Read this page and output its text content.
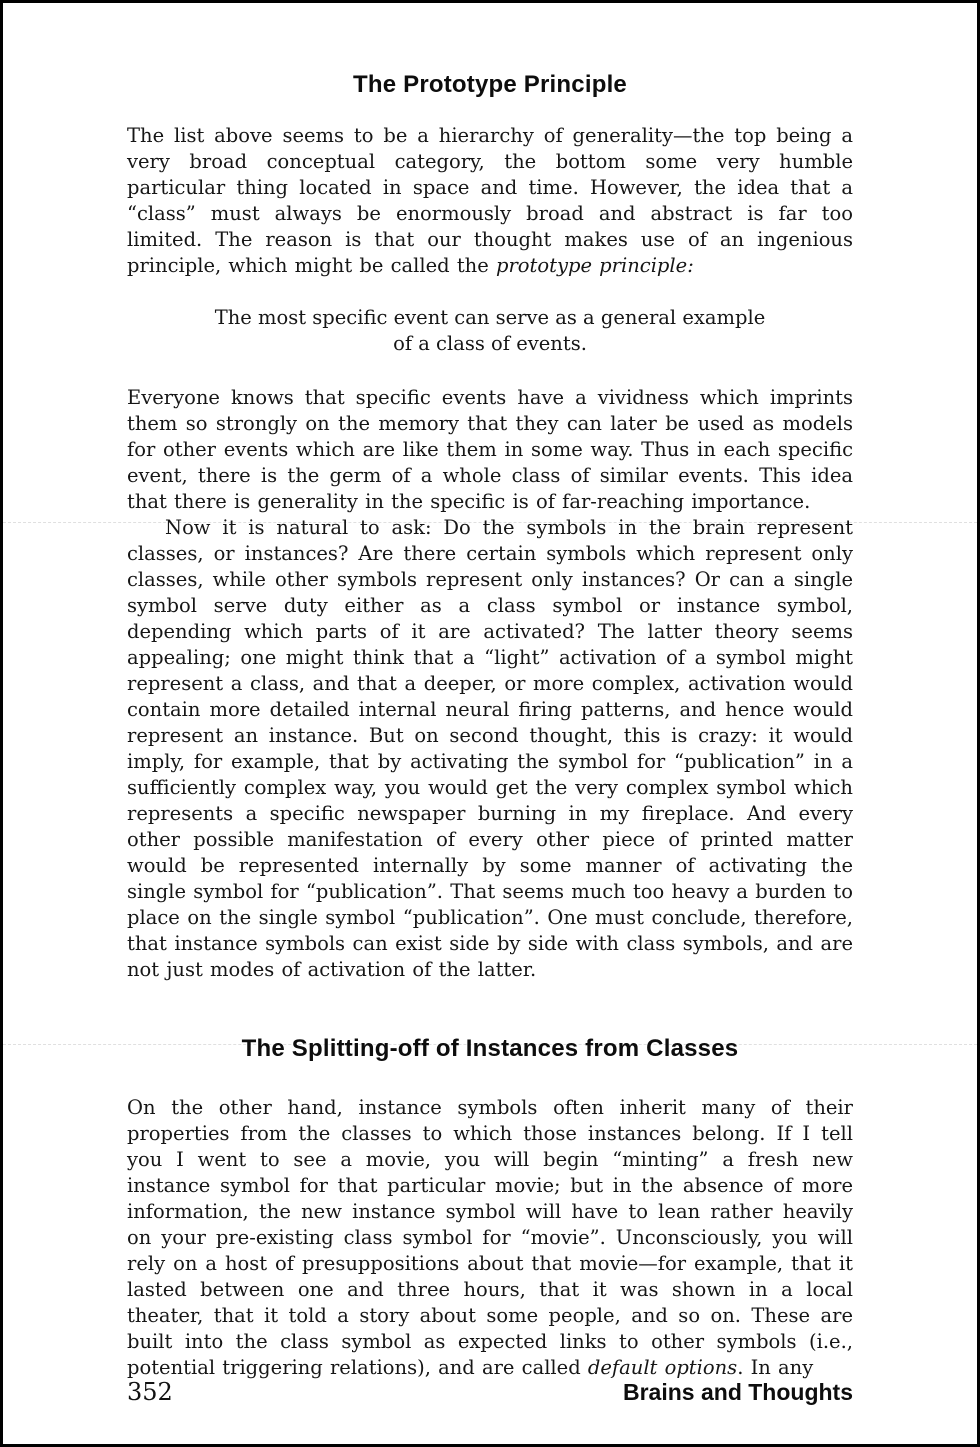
The Prototype Principle

The list above seems to be a hierarchy of generality—the top being a very broad conceptual category, the bottom some very humble particular thing located in space and time. However, the idea that a “class” must always be enormously broad and abstract is far too limited. The reason is that our thought makes use of an ingenious principle, which might be called the prototype principle:

The most specific event can serve as a general example
of a class of events.

Everyone knows that specific events have a vividness which imprints them so strongly on the memory that they can later be used as models for other events which are like them in some way. Thus in each specific event, there is the germ of a whole class of similar events. This idea that there is generality in the specific is of far-reaching importance.

Now it is natural to ask: Do the symbols in the brain represent classes, or instances? Are there certain symbols which represent only classes, while other symbols represent only instances? Or can a single symbol serve duty either as a class symbol or instance symbol, depending which parts of it are activated? The latter theory seems appealing; one might think that a “light” activation of a symbol might represent a class, and that a deeper, or more complex, activation would contain more detailed internal neural firing patterns, and hence would represent an instance. But on second thought, this is crazy: it would imply, for example, that by activating the symbol for “publication” in a sufficiently complex way, you would get the very complex symbol which represents a specific newspaper burning in my fireplace. And every other possible manifestation of every other piece of printed matter would be represented internally by some manner of activating the single symbol for “publication”. That seems much too heavy a burden to place on the single symbol “publication”. One must conclude, therefore, that instance symbols can exist side by side with class symbols, and are not just modes of activation of the latter.

The Splitting-off of Instances from Classes

On the other hand, instance symbols often inherit many of their properties from the classes to which those instances belong. If I tell you I went to see a movie, you will begin “minting” a fresh new instance symbol for that particular movie; but in the absence of more information, the new instance symbol will have to lean rather heavily on your pre-existing class symbol for “movie”. Unconsciously, you will rely on a host of presuppositions about that movie—for example, that it lasted between one and three hours, that it was shown in a local theater, that it told a story about some people, and so on. These are built into the class symbol as expected links to other symbols (i.e., potential triggering relations), and are called default options. In any

352	Brains and Thoughts
